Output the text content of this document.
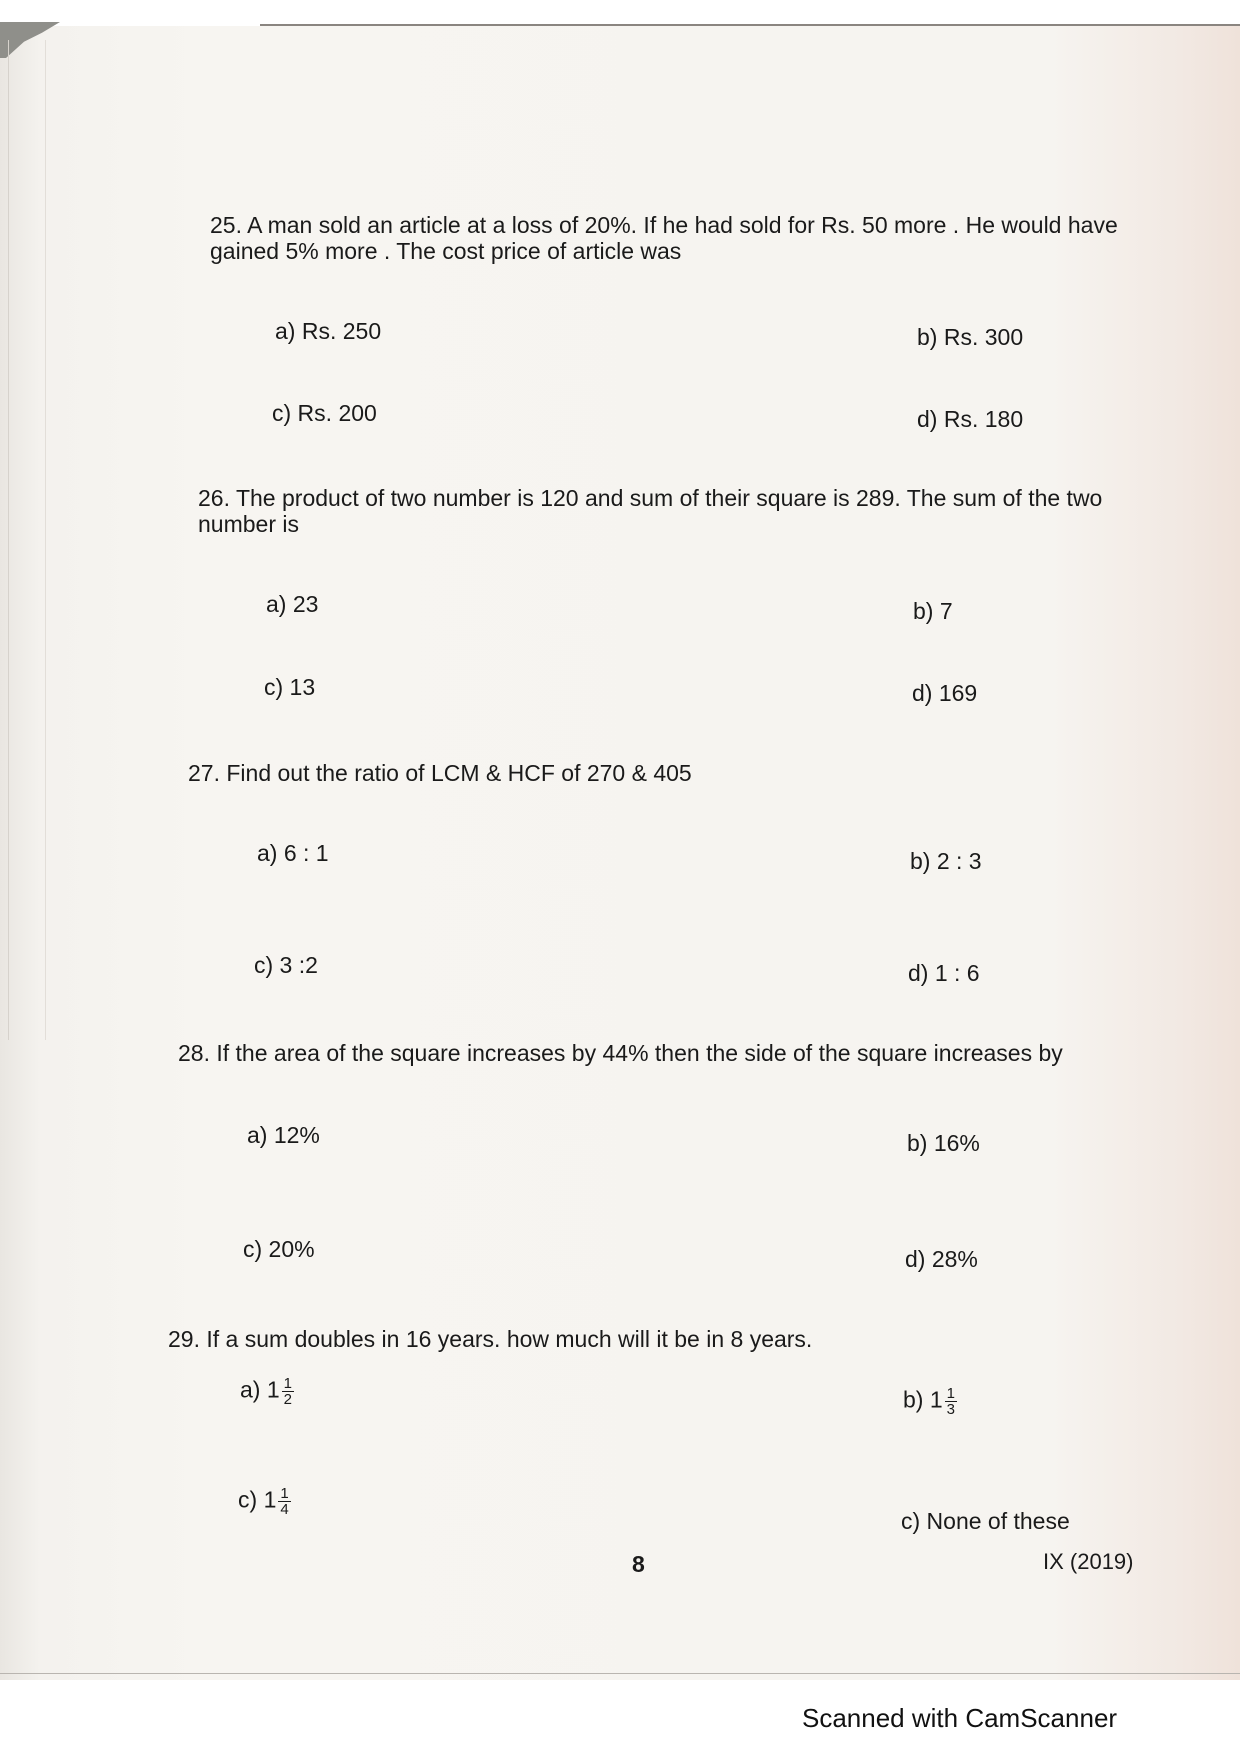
25. A man sold an article at a loss of 20%. If he had sold for Rs. 50 more . He would have gained 5% more . The cost price of article was
a) Rs. 250	b) Rs. 300
c) Rs. 200	d) Rs. 180
26. The product of two number is 120 and sum of their square is 289. The sum of the two number is
a) 23	b) 7
c) 13	d) 169
27. Find out the ratio of LCM & HCF of 270 & 405
a) 6 : 1	b) 2 : 3
c) 3 :2	d) 1 : 6
28. If the area of the square increases by 44% then the side of the square increases by
a) 12%	b) 16%
c) 20%	d) 28%
29. If a sum doubles in 16 years. how much will it be in 8 years.
a) $1 \frac{1}{2}$	b) $1 \frac{1}{3}$
c) $1 \frac{1}{4}$
c) None of these
8	IX (2019)
Scanned with CamScanner
